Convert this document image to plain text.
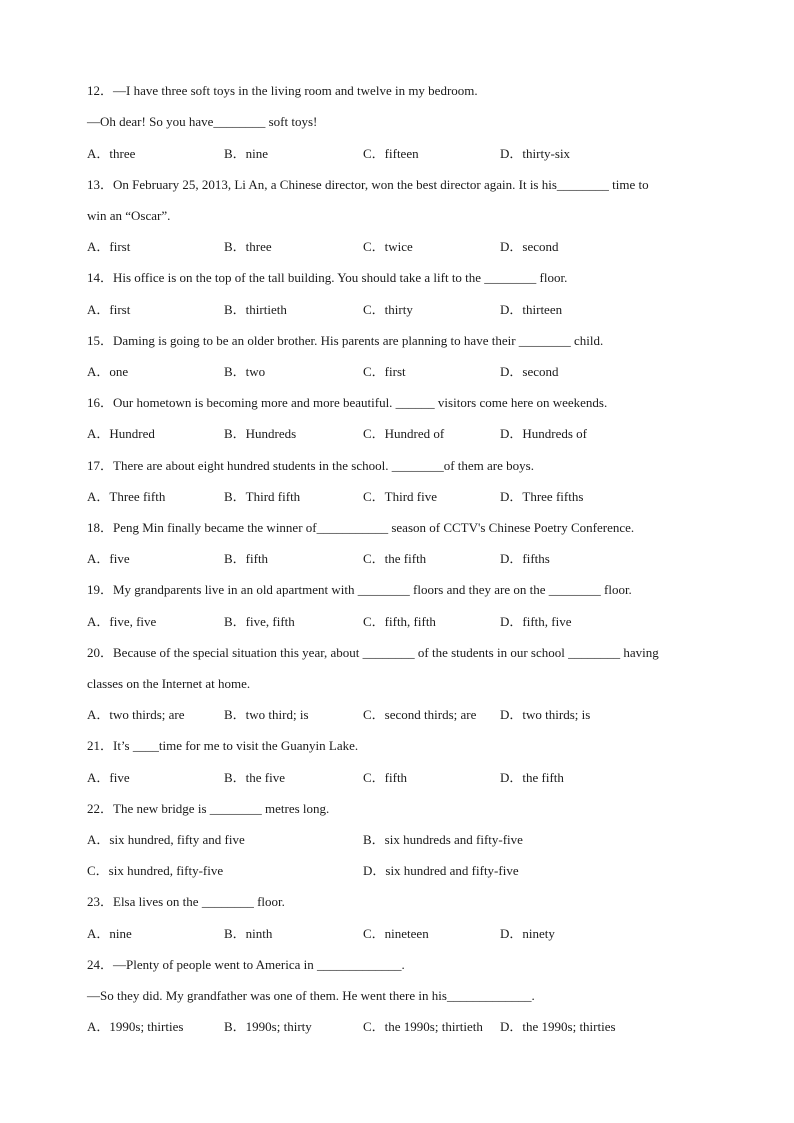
12．—I have three soft toys in the living room and twelve in my bedroom.
—Oh dear! So you have________ soft toys!
A．three	B．nine	C．fifteen	D．thirty-six
13．On February 25, 2013, Li An, a Chinese director, won the best director again. It is his________ time to
win an “Oscar”.
A．first	B．three	C．twice	D．second
14．His office is on the top of the tall building. You should take a lift to the ________ floor.
A．first	B．thirtieth	C．thirty	D．thirteen
15．Daming is going to be an older brother. His parents are planning to have their ________ child.
A．one	B．two	C．first	D．second
16．Our hometown is becoming more and more beautiful. ______ visitors come here on weekends.
A．Hundred	B．Hundreds	C．Hundred of	D．Hundreds of
17．There are about eight hundred students in the school. ________of them are boys.
A．Three fifth	B．Third fifth	C．Third five	D．Three fifths
18．Peng Min finally became the winner of___________ season of CCTV's Chinese Poetry Conference.
A．five	B．fifth	C．the fifth	D．fifths
19．My grandparents live in an old apartment with ________ floors and they are on the ________ floor.
A．five, five	B．five, fifth	C．fifth, fifth	D．fifth, five
20．Because of the special situation this year, about ________ of the students in our school ________ having
classes on the Internet at home.
A．two thirds; are	B．two third; is	C．second thirds; are D．two thirds; is
21．It’s ____time for me to visit the Guanyin Lake.
A．five	B．the five	C．fifth	D．the fifth
22．The new bridge is ________ metres long.
A．six hundred, fifty and five	B．six hundreds and fifty-five
C．six hundred, fifty-five	D．six hundred and fifty-five
23．Elsa lives on the ________ floor.
A．nine	B．ninth	C．nineteen	D．ninety
24．—Plenty of people went to America in _____________.
—So they did. My grandfather was one of them. He went there in his_____________.
A．1990s; thirties	B．1990s; thirty	C．the 1990s; thirtieth D．the 1990s; thirties
